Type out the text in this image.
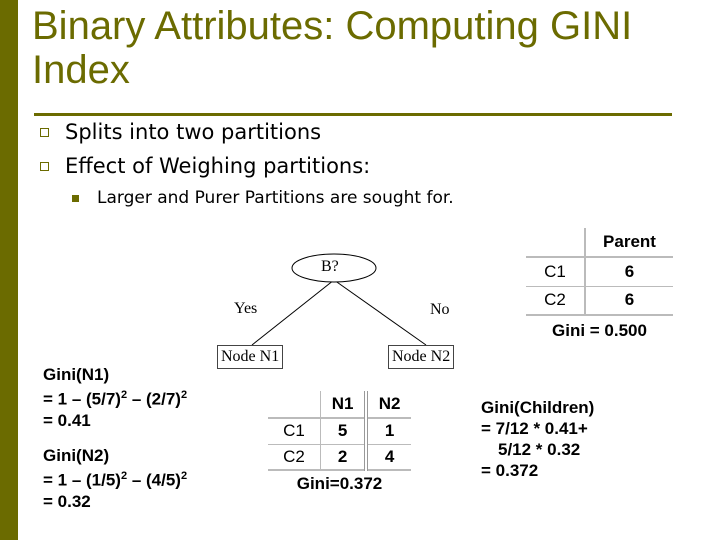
Binary Attributes: Computing GINI Index
Splits into two partitions
Effect of Weighing partitions:
Larger and Purer Partitions are sought for.
B?
Yes	No
Node N1	Node N2
	Parent
C1	6
C2	6
Gini = 0.500	
	N1	N2
C1	5	1
C2	2	4
Gini=0.372		
Gini(N1)
= $1 - (5/7)^2 - (2/7)^2$
= 0.41
Gini(N2)
= $1 - (1/5)^2 - (4/5)^2$
= 0.32
Gini(Children)
= 7/12 * 0.41+
5/12 * 0.32
= 0.372
